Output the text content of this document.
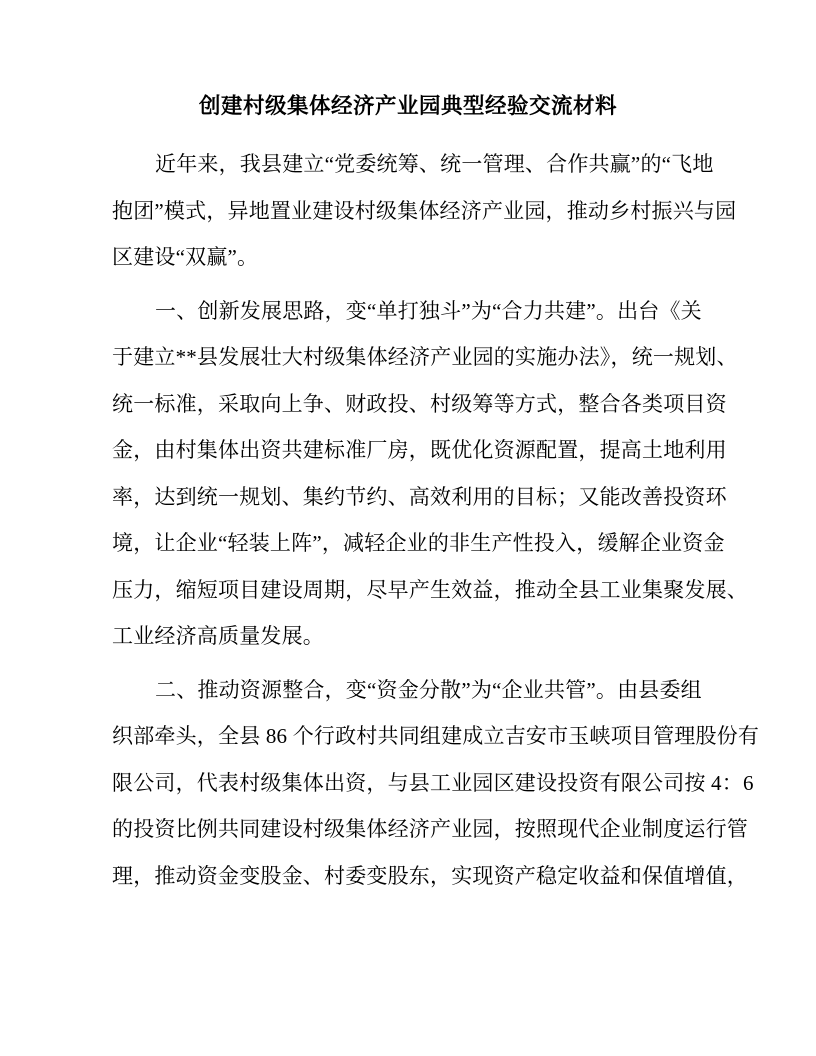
创建村级集体经济产业园典型经验交流材料
近年来，我县建立“党委统筹、统一管理、合作共赢”的“飞地
抱团”模式，异地置业建设村级集体经济产业园，推动乡村振兴与园
区建设“双赢”。
一、创新发展思路，变“单打独斗”为“合力共建”。出台《关
于建立**县发展壮大村级集体经济产业园的实施办法》，统一规划、
统一标准，采取向上争、财政投、村级筹等方式，整合各类项目资
金，由村集体出资共建标准厂房，既优化资源配置，提高土地利用
率，达到统一规划、集约节约、高效利用的目标；又能改善投资环
境，让企业“轻装上阵”，减轻企业的非生产性投入，缓解企业资金
压力，缩短项目建设周期，尽早产生效益，推动全县工业集聚发展、
工业经济高质量发展。
二、推动资源整合，变“资金分散”为“企业共管”。由县委组
织部牵头，全县 86 个行政村共同组建成立吉安市玉峡项目管理股份有
限公司，代表村级集体出资，与县工业园区建设投资有限公司按 4：6
的投资比例共同建设村级集体经济产业园，按照现代企业制度运行管
理，推动资金变股金、村委变股东，实现资产稳定收益和保值增值，
